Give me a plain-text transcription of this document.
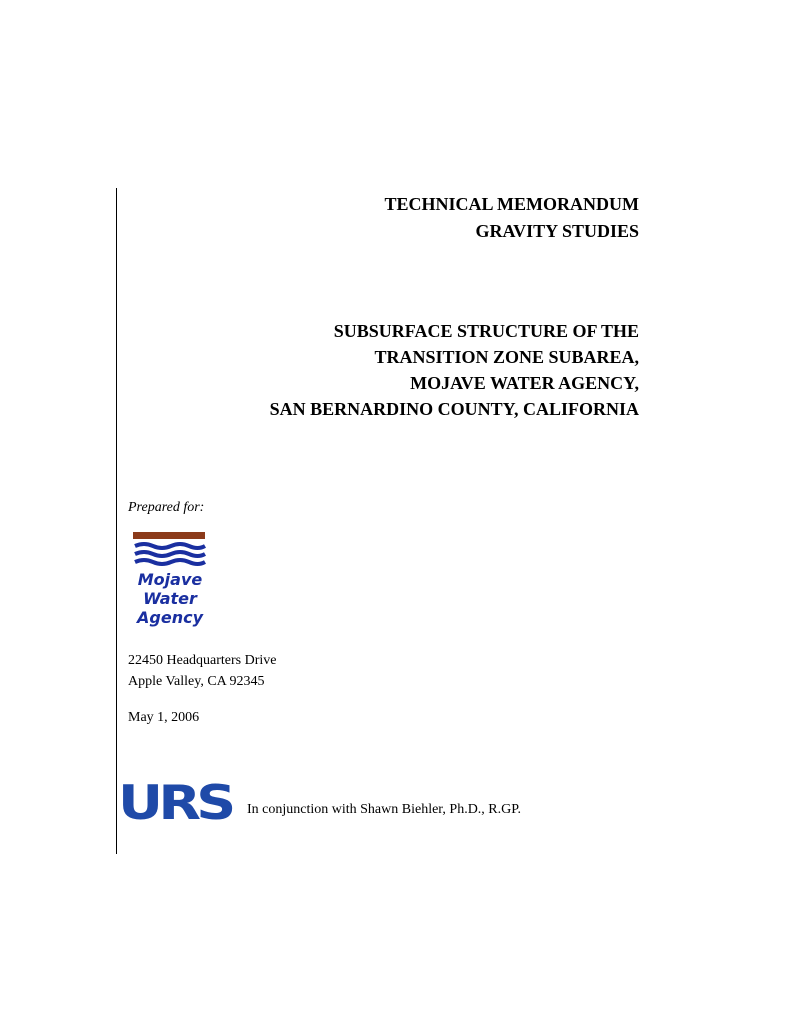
TECHNICAL MEMORANDUM
GRAVITY STUDIES
SUBSURFACE STRUCTURE OF THE
TRANSITION ZONE SUBAREA,
MOJAVE WATER AGENCY,
SAN BERNARDINO COUNTY, CALIFORNIA
Prepared for:
Mojave
Water
Agency
22450 Headquarters Drive
Apple Valley, CA 92345
May 1, 2006
URS In conjunction with Shawn Biehler, Ph.D., R.GP.
